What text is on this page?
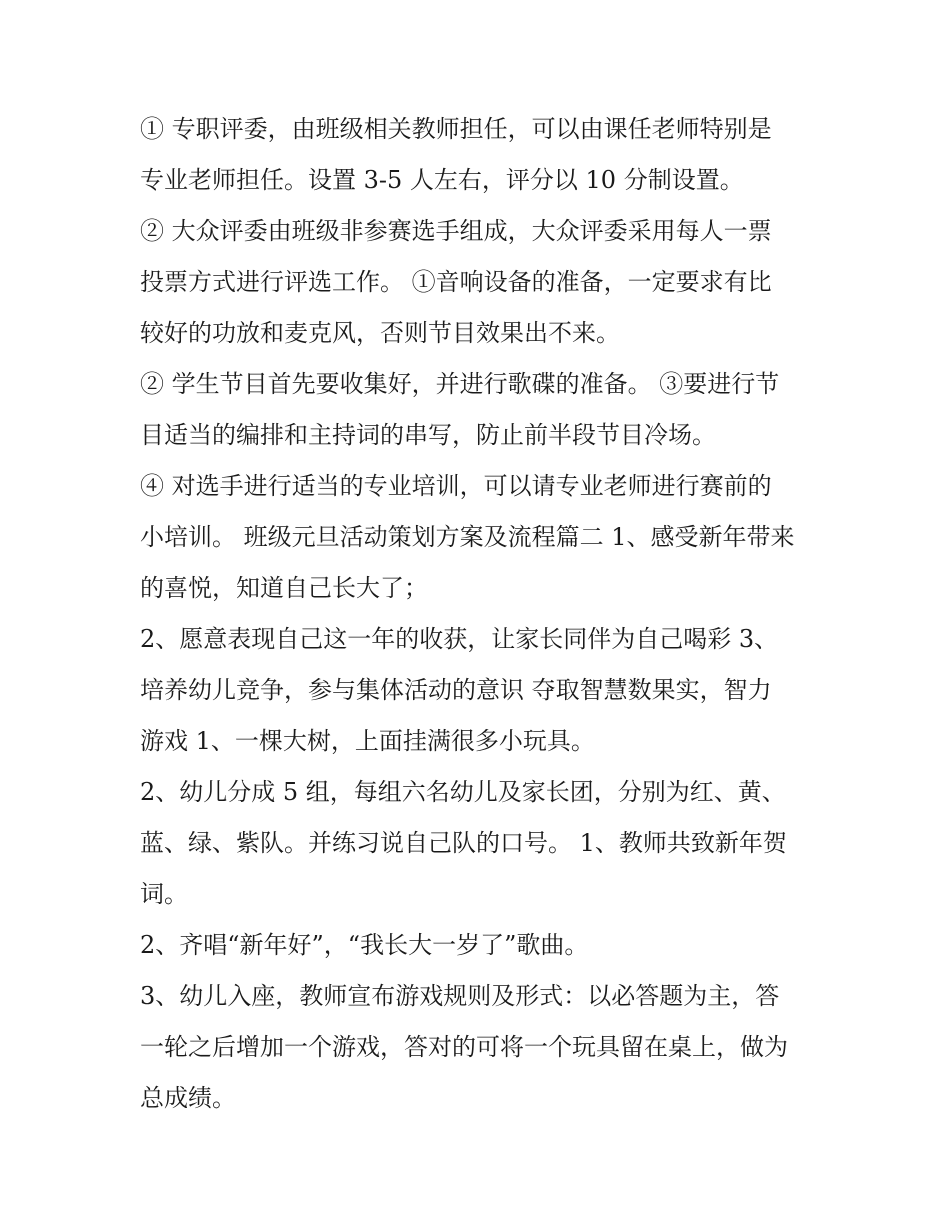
① 专职评委，由班级相关教师担任，可以由课任老师特别是
专业老师担任。设置 3-5 人左右，评分以 10 分制设置。
② 大众评委由班级非参赛选手组成，大众评委采用每人一票
投票方式进行评选工作。 ①音响设备的准备，一定要求有比
较好的功放和麦克风，否则节目效果出不来。
② 学生节目首先要收集好，并进行歌碟的准备。 ③要进行节
目适当的编排和主持词的串写，防止前半段节目冷场。
④ 对选手进行适当的专业培训，可以请专业老师进行赛前的
小培训。 班级元旦活动策划方案及流程篇二 1、感受新年带来
的喜悦，知道自己长大了；
2、愿意表现自己这一年的收获，让家长同伴为自己喝彩 3、
培养幼儿竞争，参与集体活动的意识 夺取智慧数果实，智力
游戏 1、一棵大树，上面挂满很多小玩具。
2、幼儿分成 5 组，每组六名幼儿及家长团，分别为红、黄、
蓝、绿、紫队。并练习说自己队的口号。 1、教师共致新年贺
词。
2、齐唱“新年好”，“我长大一岁了”歌曲。
3、幼儿入座，教师宣布游戏规则及形式：以必答题为主，答
一轮之后增加一个游戏，答对的可将一个玩具留在桌上，做为
总成绩。
